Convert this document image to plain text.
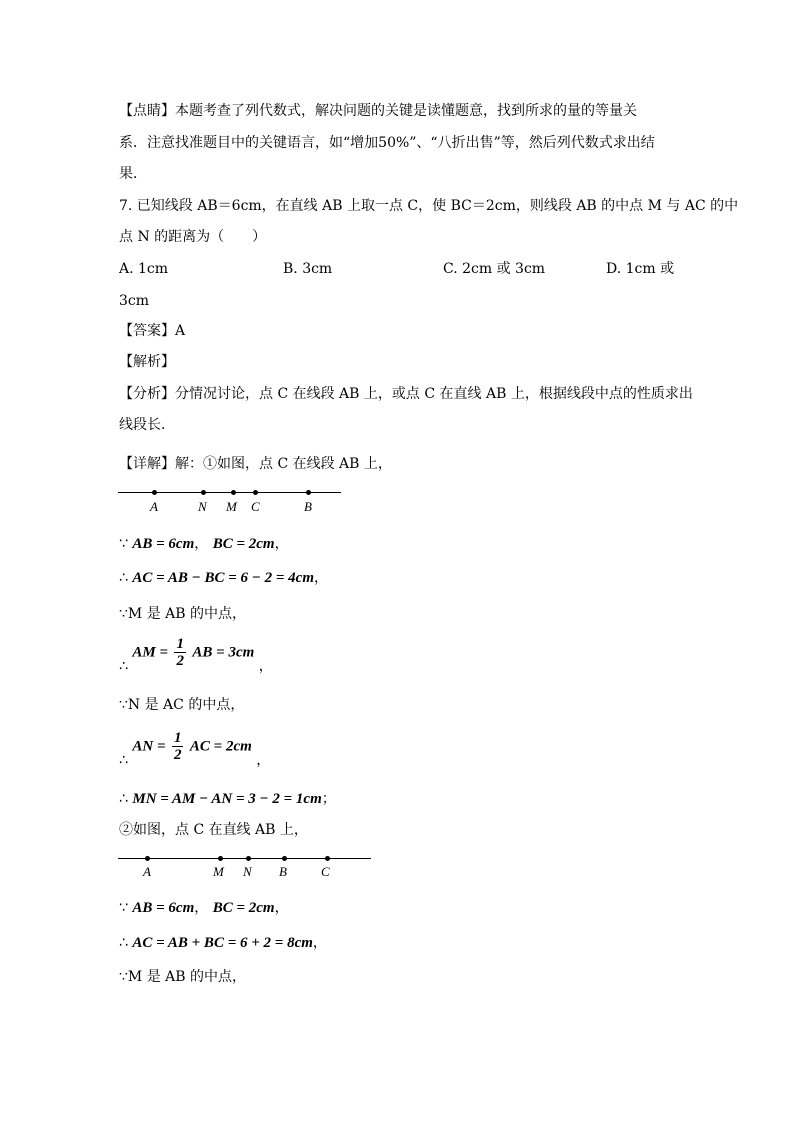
【点睛】本题考查了列代数式，解决问题的关键是读懂题意，找到所求的量的等量关
系．注意找准题目中的关键语言，如“增加50%”、“八折出售”等，然后列代数式求出结
果．
7. 已知线段 AB＝6cm，在直线 AB 上取一点 C，使 BC＝2cm，则线段 AB 的中点 M 与 AC 的中
点 N 的距离为（　　）
A. 1cm	B. 3cm	C. 2cm 或 3cm	D. 1cm 或
3cm
【答案】A
【解析】
【分析】分情况讨论，点 C 在线段 AB 上，或点 C 在直线 AB 上，根据线段中点的性质求出
线段长．
【详解】解：①如图，点 C 在线段 AB 上，
A	N M C	B
∵ AB = 6cm， BC = 2cm，
∴ AC = AB − BC = 6 − 2 = 4cm，
∵M 是 AB 的中点，
∴ AM = $\frac{1}{2}$ AB = 3cm ，
∵N 是 AC 的中点，
∴ AN = $\frac{1}{2}$ AC = 2cm ，
∴ MN = AM − AN = 3 − 2 = 1cm；
②如图，点 C 在直线 AB 上，
A	M N B	C
∵ AB = 6cm， BC = 2cm，
∴ AC = AB + BC = 6 + 2 = 8cm，
∵M 是 AB 的中点，
